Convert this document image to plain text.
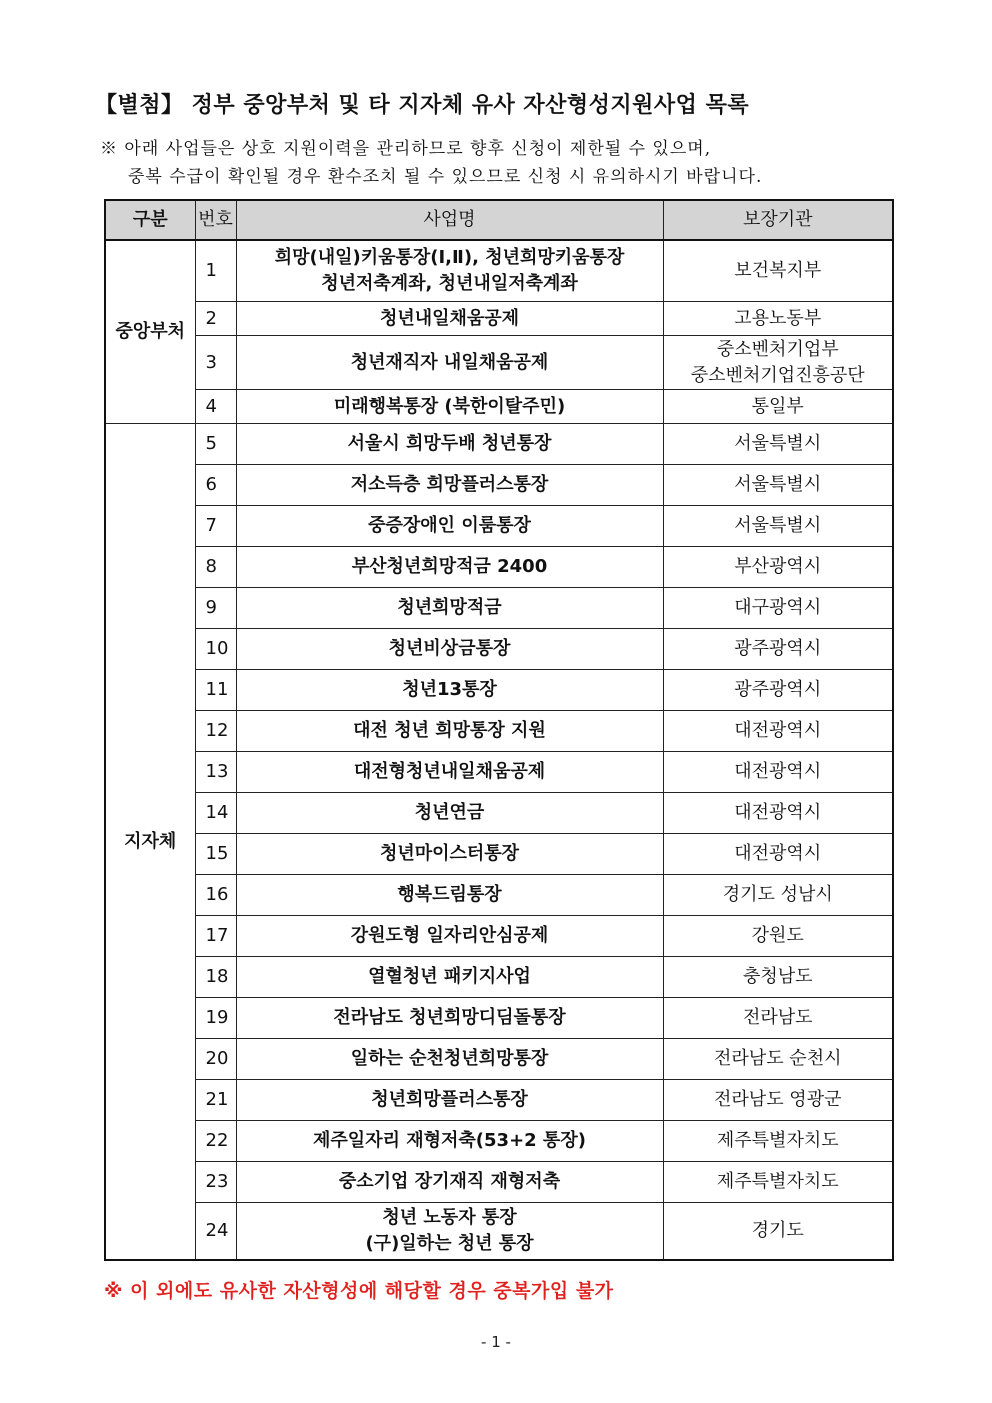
【별첨】 정부 중앙부처 및 타 지자체 유사 자산형성지원사업 목록
※ 아래 사업들은 상호 지원이력을 관리하므로 향후 신청이 제한될 수 있으며,
중복 수급이 확인될 경우 환수조치 될 수 있으므로 신청 시 유의하시기 바랍니다.
구분	번호	사업명	보장기관
중앙부처	1	희망(내일)키움통장(Ⅰ,Ⅱ), 청년희망키움통장
청년저축계좌, 청년내일저축계좌	보건복지부
	2	청년내일채움공제	고용노동부
	3	청년재직자 내일채움공제	중소벤처기업부
중소벤처기업진흥공단

	4	미래행복통장 (북한이탈주민)	통일부
지자체	5	서울시 희망두배 청년통장	서울특별시
	6	저소득층 희망플러스통장	서울특별시
	7	중증장애인 이룸통장	서울특별시
	8	부산청년희망적금 2400	부산광역시
	9	청년희망적금	대구광역시
	10	청년비상금통장	광주광역시
	11	청년13통장	광주광역시
	12	대전 청년 희망통장 지원	대전광역시
	13	대전형청년내일채움공제	대전광역시
	14	청년연금	대전광역시
	15	청년마이스터통장	대전광역시
	16	행복드림통장	경기도 성남시
	17	강원도형 일자리안심공제	강원도
	18	열혈청년 패키지사업	충청남도
	19	전라남도 청년희망디딤돌통장	전라남도
	20	일하는 순천청년희망통장	전라남도 순천시
	21	청년희망플러스통장	전라남도 영광군
	22	제주일자리 재형저축(53+2 통장)	제주특별자치도
	23	중소기업 장기재직 재형저축	제주특별자치도
	24	청년 노동자 통장
(구)일하는 청년 통장	경기도
※ 이 외에도 유사한 자산형성에 해당할 경우 중복가입 불가
- 1 -
